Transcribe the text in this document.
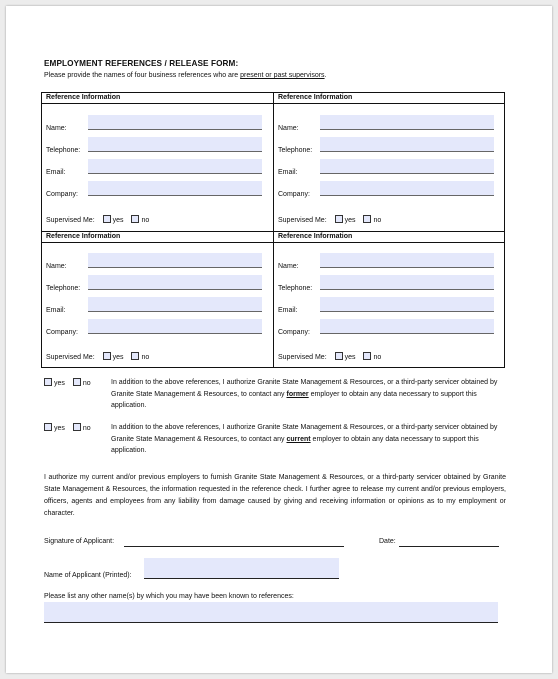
EMPLOYMENT REFERENCES / RELEASE FORM:
Please provide the names of four business references who are present or past supervisors.
Reference Information
Name:
Telephone:
Email:
Company:
Supervised Me:	yes	no
Reference Information
Name:
Telephone:
Email:
Company:
Supervised Me:	yes	no
Reference Information
Name:
Telephone:
Email:
Company:
Supervised Me:	yes	no
Reference Information
Name:
Telephone:
Email:
Company:
Supervised Me:	yes	no
yes	no	In addition to the above references, I authorize Granite State Management & Resources, or a third-party servicer obtained by Granite State Management & Resources, to contact any former employer to obtain any data necessary to support this application.
yes	no	In addition to the above references, I authorize Granite State Management & Resources, or a third-party servicer obtained by Granite State Management & Resources, to contact any current employer to obtain any data necessary to support this application.
I authorize my current and/or previous employers to furnish Granite State Management & Resources, or a third-party servicer obtained by Granite State Management & Resources, the information requested in the reference check. I further agree to release my current and/or previous employers, officers, agents and employees from any liability from damage caused by giving and receiving information or opinions as to my employment or character.
Signature of Applicant:	Date:
Name of Applicant (Printed):
Please list any other name(s) by which you may have been known to references:
